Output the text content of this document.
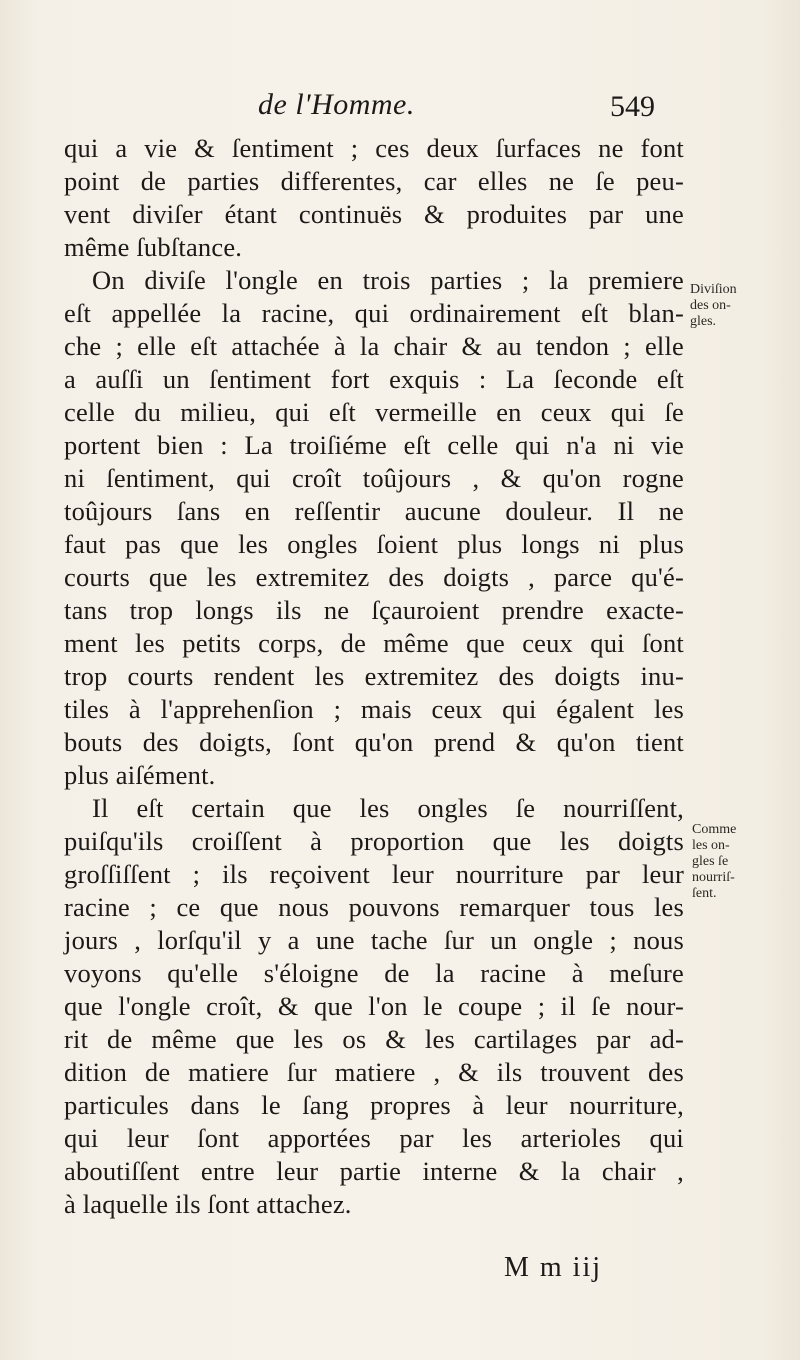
de l'Homme.	549
qui a vie & ſentiment ; ces deux ſurfaces ne font
point de parties differentes, car elles ne ſe peu-
vent diviſer étant continuës & produites par une
même ſubſtance.
On diviſe l'ongle en trois parties ; la premiere
eſt appellée la racine, qui ordinairement eſt blan-
che ; elle eſt attachée à la chair & au tendon ; elle
a auſſi un ſentiment fort exquis : La ſeconde eſt
celle du milieu, qui eſt vermeille en ceux qui ſe
portent bien : La troiſiéme eſt celle qui n'a ni vie
ni ſentiment, qui croît toûjours , & qu'on rogne
toûjours ſans en reſſentir aucune douleur. Il ne
faut pas que les ongles ſoient plus longs ni plus
courts que les extremitez des doigts , parce qu'é-
tans trop longs ils ne ſçauroient prendre exacte-
ment les petits corps, de même que ceux qui ſont
trop courts rendent les extremitez des doigts inu-
tiles à l'apprehenſion ; mais ceux qui égalent les
bouts des doigts, ſont qu'on prend & qu'on tient
plus aiſément.
Il eſt certain que les ongles ſe nourriſſent,
puiſqu'ils croiſſent à proportion que les doigts
groſſiſſent ; ils reçoivent leur nourriture par leur
racine ; ce que nous pouvons remarquer tous les
jours , lorſqu'il y a une tache ſur un ongle ; nous
voyons qu'elle s'éloigne de la racine à meſure
que l'ongle croît, & que l'on le coupe ; il ſe nour-
rit de même que les os & les cartilages par ad-
dition de matiere ſur matiere , & ils trouvent des
particules dans le ſang propres à leur nourriture,
qui leur ſont apportées par les arterioles qui
aboutiſſent entre leur partie interne & la chair ,
à laquelle ils ſont attachez.
Diviſion
des on-
gles.
Comme
les on-
gles ſe
nourriſ-
ſent.
M m iij
